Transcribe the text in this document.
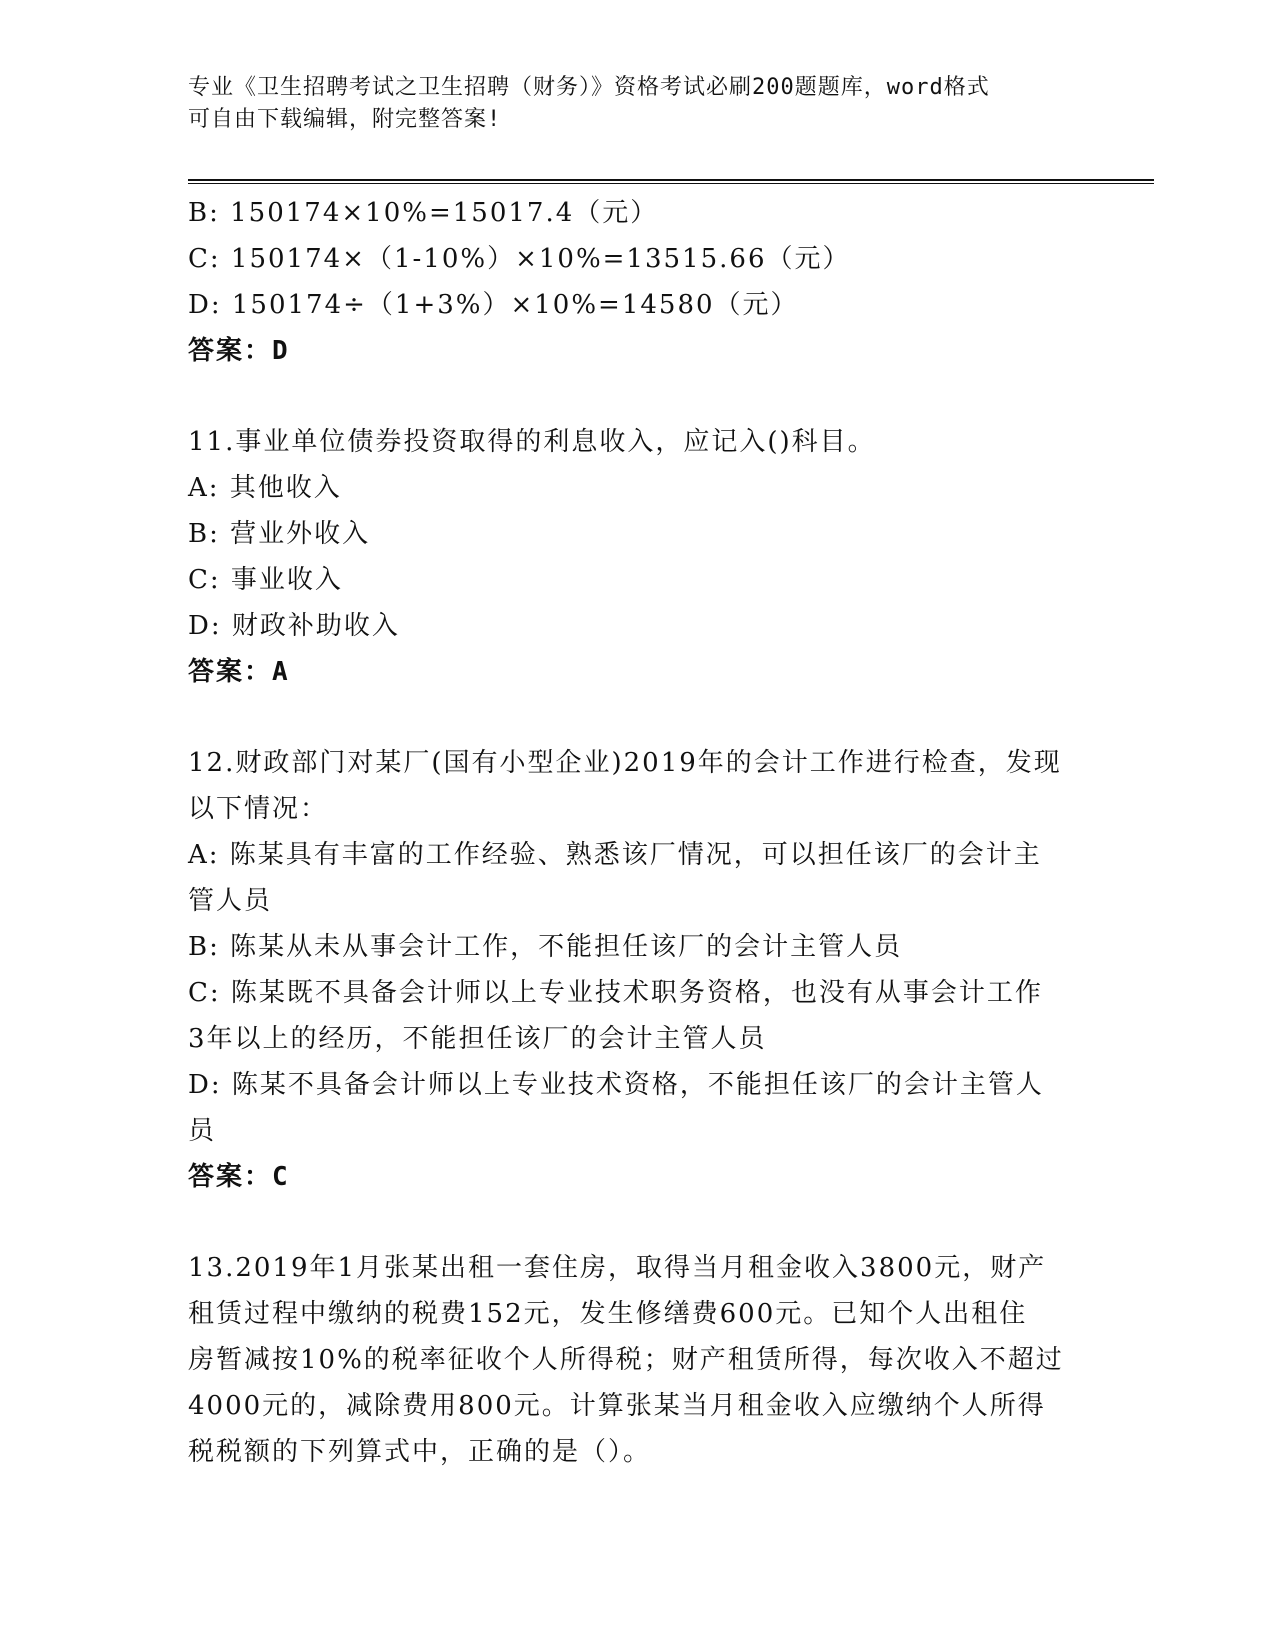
专业《卫生招聘考试之卫生招聘（财务）》资格考试必刷200题题库，word格式
可自由下载编辑，附完整答案!

B: 150174×10%=15017.4（元）

C: 150174×（1-10%）×10%=13515.66（元）

D: 150174÷（1+3%）×10%=14580（元）

答案：D

11.事业单位债券投资取得的利息收入，应记入()科目。

A: 其他收入

B: 营业外收入

C: 事业收入

D: 财政补助收入

答案：A

12.财政部门对某厂(国有小型企业)2019年的会计工作进行检查，发现

以下情况：

A: 陈某具有丰富的工作经验、熟悉该厂情况，可以担任该厂的会计主

管人员

B: 陈某从未从事会计工作，不能担任该厂的会计主管人员

C: 陈某既不具备会计师以上专业技术职务资格，也没有从事会计工作

3年以上的经历，不能担任该厂的会计主管人员

D: 陈某不具备会计师以上专业技术资格，不能担任该厂的会计主管人

员

答案：C

13.2019年1月张某出租一套住房，取得当月租金收入3800元，财产

租赁过程中缴纳的税费152元，发生修缮费600元。已知个人出租住

房暂减按10%的税率征收个人所得税；财产租赁所得，每次收入不超过

4000元的，减除费用800元。计算张某当月租金收入应缴纳个人所得

税税额的下列算式中，正确的是（）。
